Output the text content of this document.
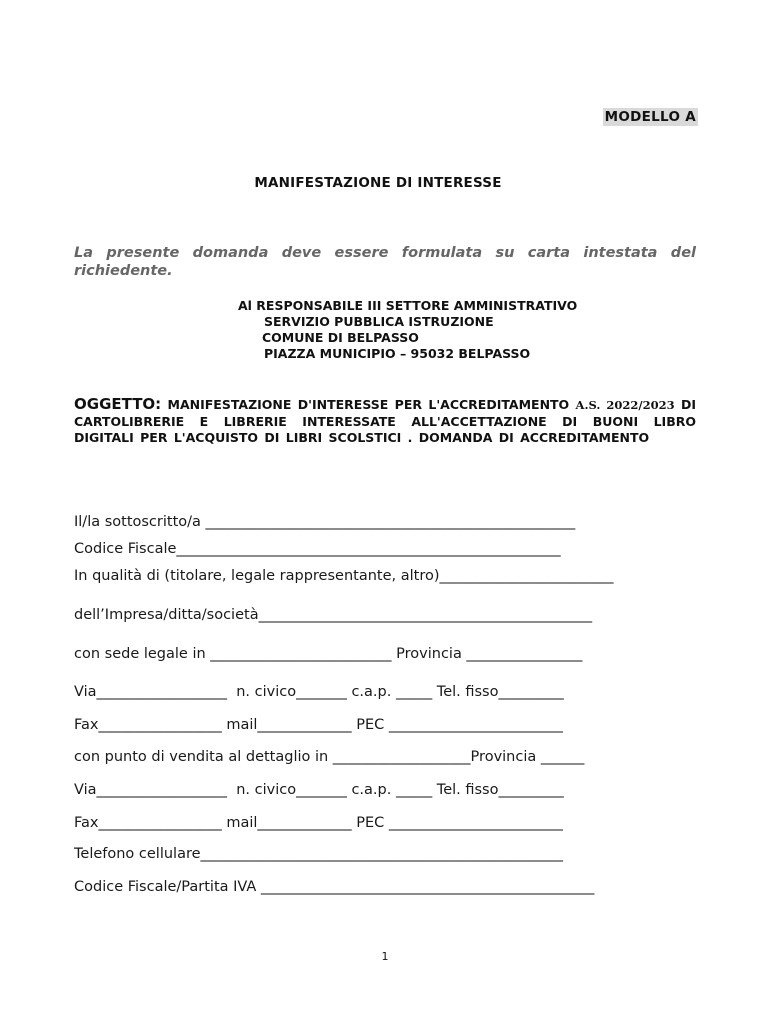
MODELLO A
MANIFESTAZIONE DI INTERESSE
La presente domanda deve essere formulata su carta intestata del richiedente.
Al RESPONSABILE III SETTORE AMMINISTRATIVO
SERVIZIO PUBBLICA ISTRUZIONE
COMUNE DI BELPASSO
PIAZZA MUNICIPIO – 95032 BELPASSO
OGGETTO: MANIFESTAZIONE D'INTERESSE PER L'ACCREDITAMENTO A.S. 2022/2023 DI CARTOLIBRERIE E LIBRERIE INTERESSATE ALL'ACCETTAZIONE DI BUONI LIBRO DIGITALI PER L'ACQUISTO DI LIBRI SCOLSTICI . DOMANDA DI ACCREDITAMENTO
Il/la sottoscritto/a ___________________________________________________
Codice Fiscale_____________________________________________________
In qualità di (titolare, legale rappresentante, altro)________________________
dell’Impresa/ditta/società______________________________________________
con sede legale in _________________________ Provincia ________________
Via__________________  n. civico_______ c.a.p. _____ Tel. fisso_________
Fax_________________ mail_____________ PEC ________________________
con punto di vendita al dettaglio in ___________________Provincia ______
Via__________________  n. civico_______ c.a.p. _____ Tel. fisso_________
Fax_________________ mail_____________ PEC ________________________
Telefono cellulare__________________________________________________
Codice Fiscale/Partita IVA ______________________________________________
1
